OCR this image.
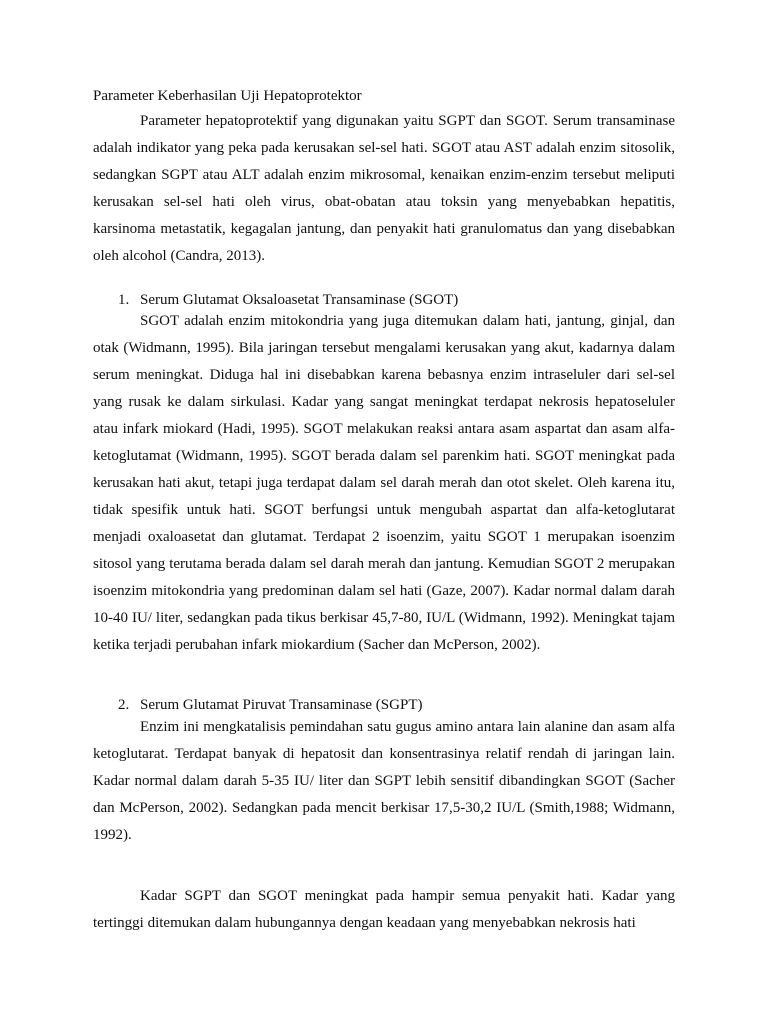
Parameter Keberhasilan Uji Hepatoprotektor

Parameter hepatoprotektif yang digunakan yaitu SGPT dan SGOT. Serum transaminase adalah indikator yang peka pada kerusakan sel-sel hati. SGOT atau AST adalah enzim sitosolik, sedangkan SGPT atau ALT adalah enzim mikrosomal, kenaikan enzim-enzim tersebut meliputi kerusakan sel-sel hati oleh virus, obat-obatan atau toksin yang menyebabkan hepatitis, karsinoma metastatik, kegagalan jantung, dan penyakit hati granulomatus dan yang disebabkan oleh alcohol (Candra, 2013).

1. Serum Glutamat Oksaloasetat Transaminase (SGOT)

SGOT adalah enzim mitokondria yang juga ditemukan dalam hati, jantung, ginjal, dan otak (Widmann, 1995). Bila jaringan tersebut mengalami kerusakan yang akut, kadarnya dalam serum meningkat. Diduga hal ini disebabkan karena bebasnya enzim intraseluler dari sel-sel yang rusak ke dalam sirkulasi. Kadar yang sangat meningkat terdapat nekrosis hepatoseluler atau infark miokard (Hadi, 1995). SGOT melakukan reaksi antara asam aspartat dan asam alfa-ketoglutamat (Widmann, 1995). SGOT berada dalam sel parenkim hati. SGOT meningkat pada kerusakan hati akut, tetapi juga terdapat dalam sel darah merah dan otot skelet. Oleh karena itu, tidak spesifik untuk hati. SGOT berfungsi untuk mengubah aspartat dan alfa-ketoglutarat menjadi oxaloasetat dan glutamat. Terdapat 2 isoenzim, yaitu SGOT 1 merupakan isoenzim sitosol yang terutama berada dalam sel darah merah dan jantung. Kemudian SGOT 2 merupakan isoenzim mitokondria yang predominan dalam sel hati (Gaze, 2007). Kadar normal dalam darah 10-40 IU/ liter, sedangkan pada tikus berkisar 45,7-80, IU/L (Widmann, 1992). Meningkat tajam ketika terjadi perubahan infark miokardium (Sacher dan McPerson, 2002).

2. Serum Glutamat Piruvat Transaminase (SGPT)

Enzim ini mengkatalisis pemindahan satu gugus amino antara lain alanine dan asam alfa ketoglutarat. Terdapat banyak di hepatosit dan konsentrasinya relatif rendah di jaringan lain. Kadar normal dalam darah 5-35 IU/ liter dan SGPT lebih sensitif dibandingkan SGOT (Sacher dan McPerson, 2002). Sedangkan pada mencit berkisar 17,5-30,2 IU/L (Smith,1988; Widmann, 1992).

Kadar SGPT dan SGOT meningkat pada hampir semua penyakit hati. Kadar yang tertinggi ditemukan dalam hubungannya dengan keadaan yang menyebabkan nekrosis hati
